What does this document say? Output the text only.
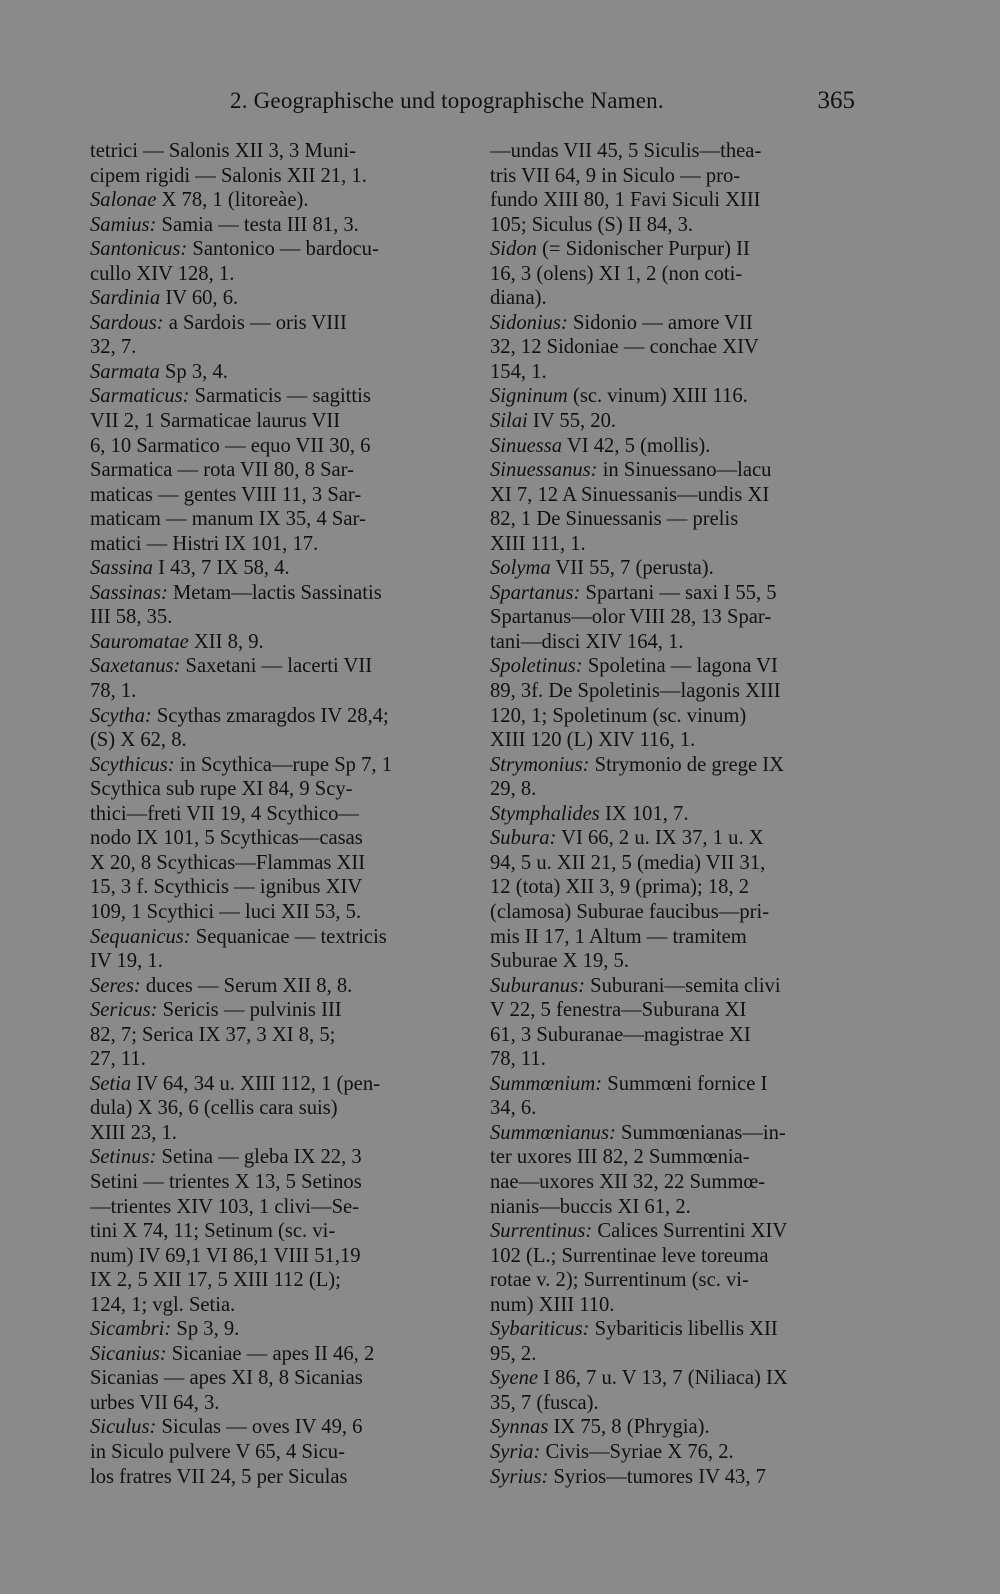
2. Geographische und topographische Namen.	365
tetrici — Salonis XII 3, 3 Muni-
cipem rigidi — Salonis XII 21, 1.
Salonae X 78, 1 (litoreàe).
Samius: Samia — testa III 81, 3.
Santonicus: Santonico — bardocu-
cullo XIV 128, 1.
Sardinia IV 60, 6.
Sardous: a Sardois — oris VIII
32, 7.
Sarmata Sp 3, 4.
Sarmaticus: Sarmaticis — sagittis
VII 2, 1 Sarmaticae laurus VII
6, 10 Sarmatico — equo VII 30, 6
Sarmatica — rota VII 80, 8 Sar-
maticas — gentes VIII 11, 3 Sar-
maticam — manum IX 35, 4 Sar-
matici — Histri IX 101, 17.
Sassina I 43, 7 IX 58, 4.
Sassinas: Metam—lactis Sassinatis
III 58, 35.
Sauromatae XII 8, 9.
Saxetanus: Saxetani — lacerti VII
78, 1.
Scytha: Scythas zmaragdos IV 28,4;
(S) X 62, 8.
Scythicus: in Scythica—rupe Sp 7, 1
Scythica sub rupe XI 84, 9 Scy-
thici—freti VII 19, 4 Scythico—
nodo IX 101, 5 Scythicas—casas
X 20, 8 Scythicas—Flammas XII
15, 3 f. Scythicis — ignibus XIV
109, 1 Scythici — luci XII 53, 5.
Sequanicus: Sequanicae — textricis
IV 19, 1.
Seres: duces — Serum XII 8, 8.
Sericus: Sericis — pulvinis III
82, 7; Serica IX 37, 3 XI 8, 5;
27, 11.
Setia IV 64, 34 u. XIII 112, 1 (pen-
dula) X 36, 6 (cellis cara suis)
XIII 23, 1.
Setinus: Setina — gleba IX 22, 3
Setini — trientes X 13, 5 Setinos
—trientes XIV 103, 1 clivi—Se-
tini X 74, 11; Setinum (sc. vi-
num) IV 69,1 VI 86,1 VIII 51,19
IX 2, 5 XII 17, 5 XIII 112 (L);
124, 1; vgl. Setia.
Sicambri: Sp 3, 9.
Sicanius: Sicaniae — apes II 46, 2
Sicanias — apes XI 8, 8 Sicanias
urbes VII 64, 3.
Siculus: Siculas — oves IV 49, 6
in Siculo pulvere V 65, 4 Sicu-
los fratres VII 24, 5 per Siculas
—undas VII 45, 5 Siculis—thea-
tris VII 64, 9 in Siculo — pro-
fundo XIII 80, 1 Favi Siculi XIII
105; Siculus (S) II 84, 3.
Sidon (= Sidonischer Purpur) II
16, 3 (olens) XI 1, 2 (non coti-
diana).
Sidonius: Sidonio — amore VII
32, 12 Sidoniae — conchae XIV
154, 1.
Signinum (sc. vinum) XIII 116.
Silai IV 55, 20.
Sinuessa VI 42, 5 (mollis).
Sinuessanus: in Sinuessano—lacu
XI 7, 12 A Sinuessanis—undis XI
82, 1 De Sinuessanis — prelis
XIII 111, 1.
Solyma VII 55, 7 (perusta).
Spartanus: Spartani — saxi I 55, 5
Spartanus—olor VIII 28, 13 Spar-
tani—disci XIV 164, 1.
Spoletinus: Spoletina — lagona VI
89, 3f. De Spoletinis—lagonis XIII
120, 1; Spoletinum (sc. vinum)
XIII 120 (L) XIV 116, 1.
Strymonius: Strymonio de grege IX
29, 8.
Stymphalides IX 101, 7.
Subura: VI 66, 2 u. IX 37, 1 u. X
94, 5 u. XII 21, 5 (media) VII 31,
12 (tota) XII 3, 9 (prima); 18, 2
(clamosa) Suburae faucibus—pri-
mis II 17, 1 Altum — tramitem
Suburae X 19, 5.
Suburanus: Suburani—semita clivi
V 22, 5 fenestra—Suburana XI
61, 3 Suburanae—magistrae XI
78, 11.
Summœnium: Summœni fornice I
34, 6.
Summœnianus: Summœnianas—in-
ter uxores III 82, 2 Summœnia-
nae—uxores XII 32, 22 Summœ-
nianis—buccis XI 61, 2.
Surrentinus: Calices Surrentini XIV
102 (L.; Surrentinae leve toreuma
rotae v. 2); Surrentinum (sc. vi-
num) XIII 110.
Sybariticus: Sybariticis libellis XII
95, 2.
Syene I 86, 7 u. V 13, 7 (Niliaca) IX
35, 7 (fusca).
Synnas IX 75, 8 (Phrygia).
Syria: Civis—Syriae X 76, 2.
Syrius: Syrios—tumores IV 43, 7
